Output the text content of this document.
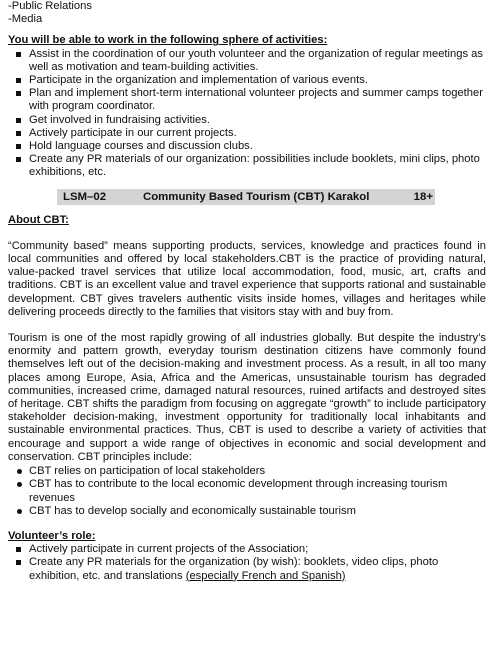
-Public Relations

-Media

You will be able to work in the following sphere of activities:

Assist in the coordination of our youth volunteer and the organization of regular meetings as well as motivation and team-building activities.
Participate in the organization and implementation of various events.
Plan and implement short-term international volunteer projects and summer camps together with program coordinator.
Get involved in fundraising activities.
Actively participate in our current projects.
Hold language courses and discussion clubs.
Create any PR materials of our organization: possibilities include booklets, mini clips, photo exhibitions, etc.
LSM–02	Community Based Tourism (CBT) Karakol	18+

About CBT:

“Community based” means supporting products, services, knowledge and practices found in local communities and offered by local stakeholders.CBT is the practice of providing natural, value-packed travel services that utilize local accommodation, food, music, art, crafts and traditions. CBT is an excellent value and travel experience that supports rational and sustainable development. CBT gives travelers authentic visits inside homes, villages and heritages while delivering proceeds directly to the families that visitors stay with and buy from.

Tourism is one of the most rapidly growing of all industries globally. But despite the industry’s enormity and pattern growth, everyday tourism destination citizens have commonly found themselves left out of the decision-making and investment process. As a result, in all too many places among Europe, Asia, Africa and the Americas, unsustainable tourism has degraded communities, increased crime, damaged natural resources, ruined artifacts and destroyed sites of heritage. CBT shifts the paradigm from focusing on aggregate “growth” to include participatory stakeholder decision-making, investment opportunity for traditionally local inhabitants and sustainable environmental practices. Thus, CBT is used to describe a variety of activities that encourage and support a wide range of objectives in economic and social development and conservation. CBT principles include:

CBT relies on participation of local stakeholders
CBT has to contribute to the local economic development through increasing tourism revenues
CBT has to develop socially and economically sustainable tourism

Volunteer’s role:

Actively participate in current projects of the Association;
Create any PR materials for the organization (by wish): booklets, video clips, photo exhibition, etc. and translations (especially French and Spanish)
